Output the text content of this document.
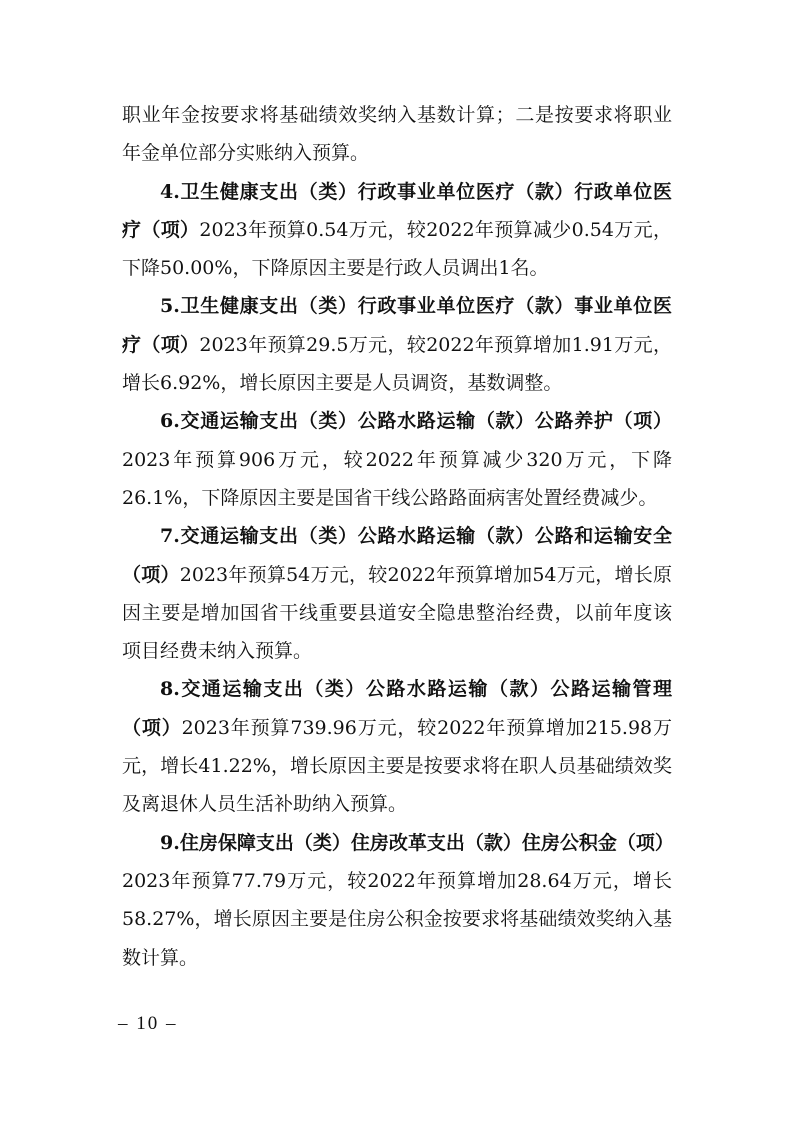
职业年金按要求将基础绩效奖纳入基数计算；二是按要求将职业年金单位部分实账纳入预算。

4.卫生健康支出（类）行政事业单位医疗（款）行政单位医疗（项）2023年预算0.54万元，较2022年预算减少0.54万元，下降50.00%，下降原因主要是行政人员调出1名。

5.卫生健康支出（类）行政事业单位医疗（款）事业单位医疗（项）2023年预算29.5万元，较2022年预算增加1.91万元，增长6.92%，增长原因主要是人员调资，基数调整。

6.交通运输支出（类）公路水路运输（款）公路养护（项）2023年预算906万元，较2022年预算减少320万元，下降26.1%，下降原因主要是国省干线公路路面病害处置经费减少。

7.交通运输支出（类）公路水路运输（款）公路和运输安全（项）2023年预算54万元，较2022年预算增加54万元，增长原因主要是增加国省干线重要县道安全隐患整治经费，以前年度该项目经费未纳入预算。

8.交通运输支出（类）公路水路运输（款）公路运输管理（项）2023年预算739.96万元，较2022年预算增加215.98万元，增长41.22%，增长原因主要是按要求将在职人员基础绩效奖及离退休人员生活补助纳入预算。

9.住房保障支出（类）住房改革支出（款）住房公积金（项）2023年预算77.79万元，较2022年预算增加28.64万元，增长58.27%，增长原因主要是住房公积金按要求将基础绩效奖纳入基数计算。

– 10 –
